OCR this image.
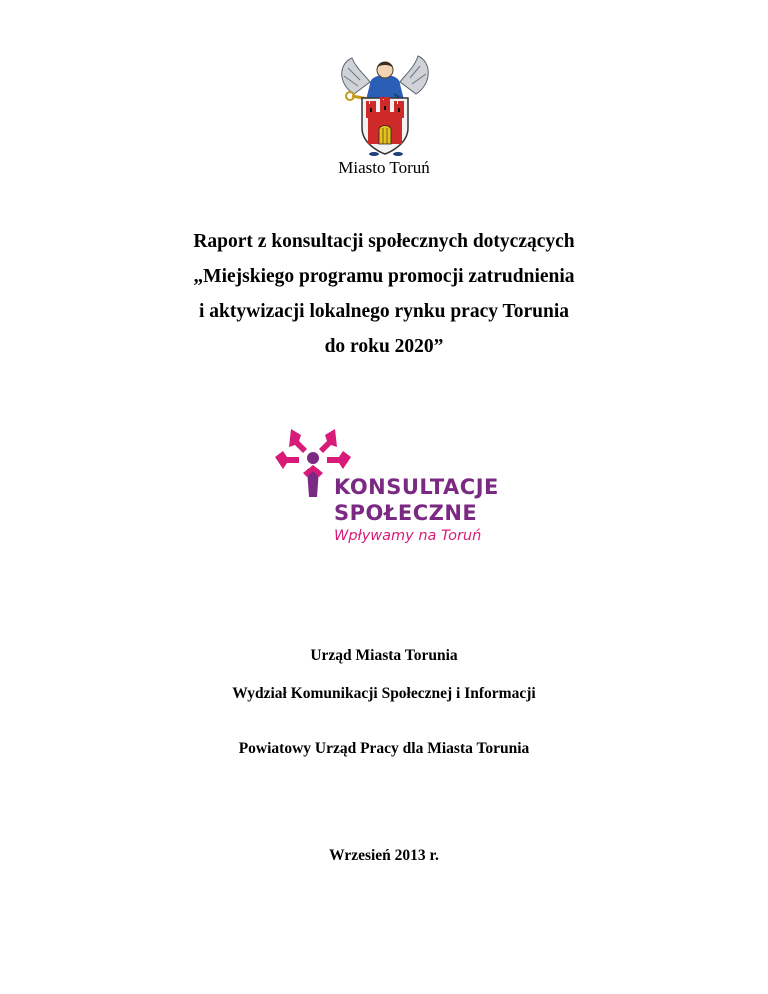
Miasto Toruń
Raport z konsultacji społecznych dotyczących
„Miejskiego programu promocji zatrudnienia
i aktywizacji lokalnego rynku pracy Torunia
do roku 2020”
KONSULTACJE
SPOŁECZNE
Wpływamy na Toruń
Urząd Miasta Torunia
Wydział Komunikacji Społecznej i Informacji
Powiatowy Urząd Pracy dla Miasta Torunia
Wrzesień 2013 r.
